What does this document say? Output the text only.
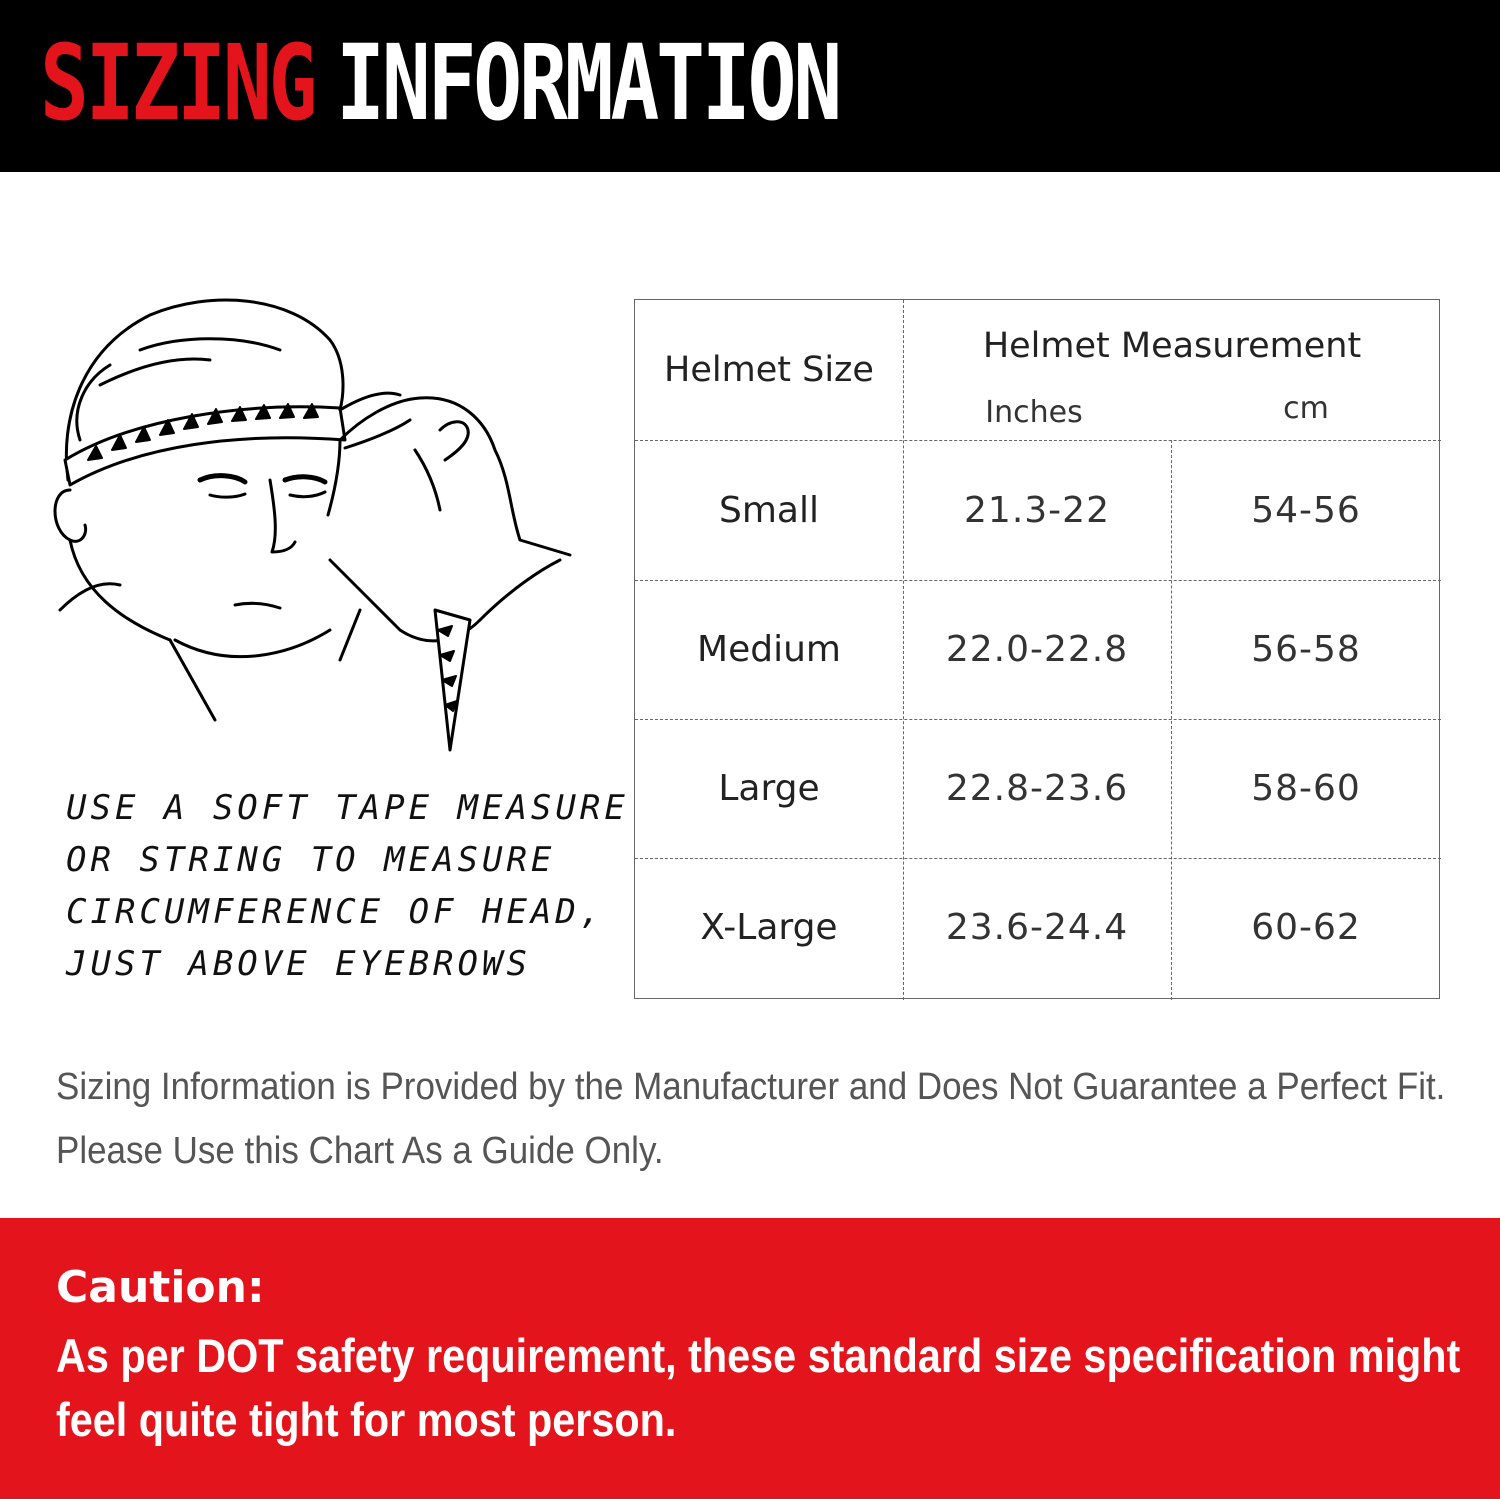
SIZING INFORMATION
USE A SOFT TAPE MEASURE
OR STRING TO MEASURE
CIRCUMFERENCE OF HEAD,
JUST ABOVE EYEBROWS
Helmet Size
Helmet Measurement
Inches	cm
Small	21.3-22	54-56
Medium	22.0-22.8	56-58
Large	22.8-23.6	58-60
X-Large	23.6-24.4	60-62
Sizing Information is Provided by the Manufacturer and Does Not Guarantee a Perfect Fit.
Please Use this Chart As a Guide Only.
Caution:
As per DOT safety requirement, these standard size specification might
feel quite tight for most person.
